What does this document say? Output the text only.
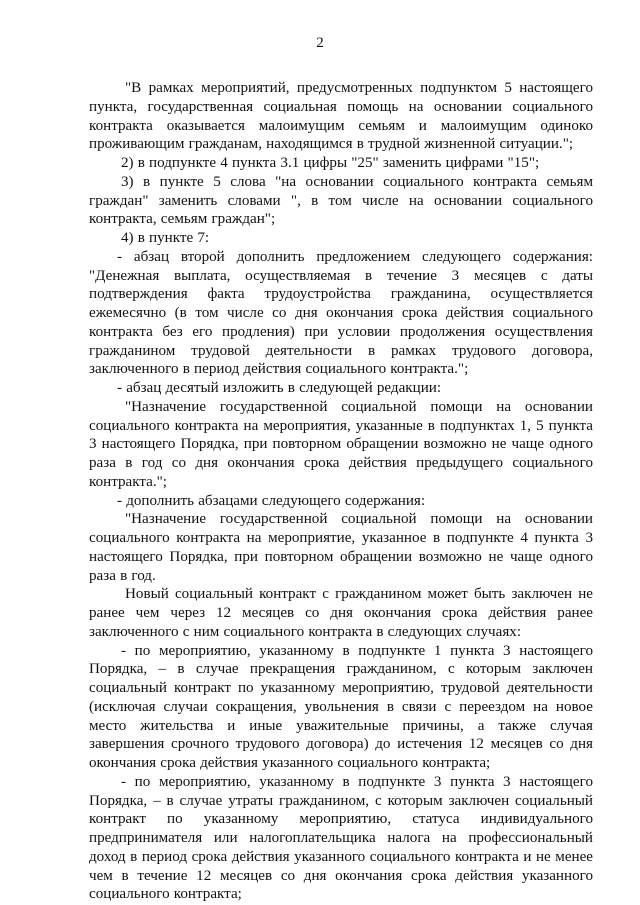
2

"В рамках мероприятий, предусмотренных подпунктом 5 настоящего пункта, государственная социальная помощь на основании социального контракта оказывается малоимущим семьям и малоимущим одиноко проживающим гражданам, находящимся в трудной жизненной ситуации.";

2) в подпункте 4 пункта 3.1 цифры "25" заменить цифрами "15";

3) в пункте 5 слова "на основании социального контракта семьям граждан" заменить словами ", в том числе на основании социального контракта, семьям граждан";

4) в пункте 7:

- абзац второй дополнить предложением следующего содержания: "Денежная выплата, осуществляемая в течение 3 месяцев с даты подтверждения факта трудоустройства гражданина, осуществляется ежемесячно (в том числе со дня окончания срока действия социального контракта без его продления) при условии продолжения осуществления гражданином трудовой деятельности в рамках трудового договора, заключенного в период действия социального контракта.";

- абзац десятый изложить в следующей редакции:

"Назначение государственной социальной помощи на основании социального контракта на мероприятия, указанные в подпунктах 1, 5 пункта 3 настоящего Порядка, при повторном обращении возможно не чаще одного раза в год со дня окончания срока действия предыдущего социального контракта.";

- дополнить абзацами следующего содержания:

"Назначение государственной социальной помощи на основании социального контракта на мероприятие, указанное в подпункте 4 пункта 3 настоящего Порядка, при повторном обращении возможно не чаще одного раза в год.

Новый социальный контракт с гражданином может быть заключен не ранее чем через 12 месяцев со дня окончания срока действия ранее заключенного с ним социального контракта в следующих случаях:

- по мероприятию, указанному в подпункте 1 пункта 3 настоящего Порядка, – в случае прекращения гражданином, с которым заключен социальный контракт по указанному мероприятию, трудовой деятельности (исключая случаи сокращения, увольнения в связи с переездом на новое место жительства и иные уважительные причины, а также случая завершения срочного трудового договора) до истечения 12 месяцев со дня окончания срока действия указанного социального контракта;

- по мероприятию, указанному в подпункте 3 пункта 3 настоящего Порядка, – в случае утраты гражданином, с которым заключен социальный контракт по указанному мероприятию, статуса индивидуального предпринимателя или налогоплательщика налога на профессиональный доход в период срока действия указанного социального контракта и не менее чем в течение 12 месяцев со дня окончания срока действия указанного социального контракта;
